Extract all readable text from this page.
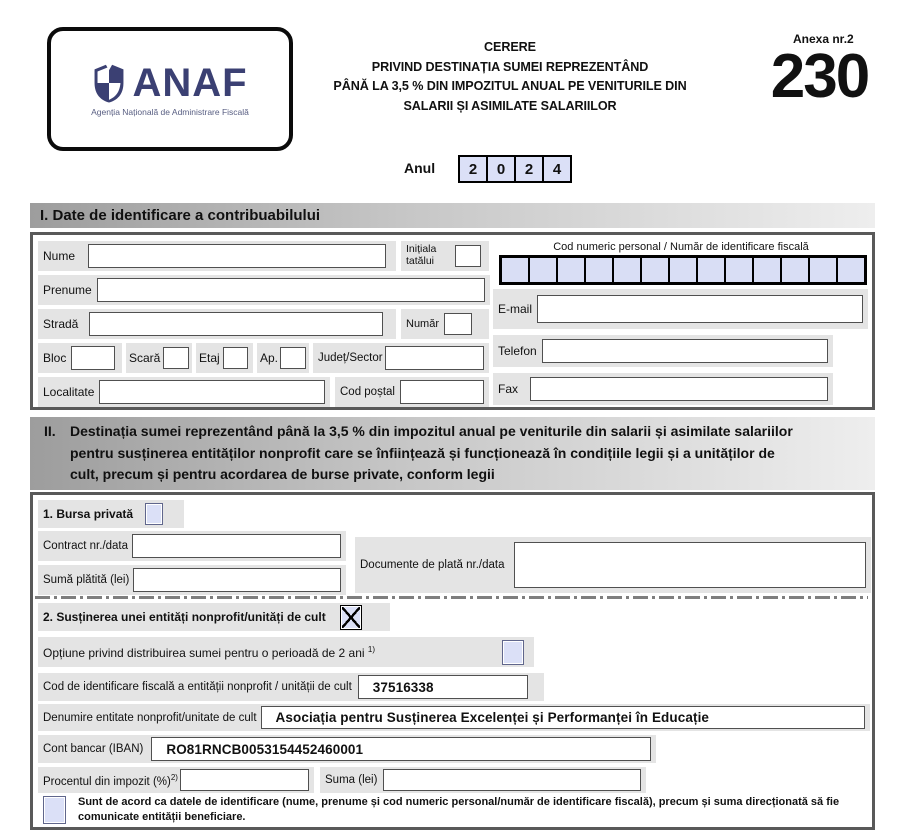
ANAF
Agenția Națională de Administrare Fiscală
CERERE
PRIVIND DESTINAȚIA SUMEI REPREZENTÂND
PÂNĂ LA 3,5 % DIN IMPOZITUL ANUAL PE VENITURILE DIN
SALARII ȘI ASIMILATE SALARIILOR
Anexa nr.2
230
Anul	2	0	2	4
I. Date de identificare a contribuabilului
Nume	Inițiala tatălui
Prenume
Stradă	Număr
Bloc	Scară	Etaj	Ap.	Județ/Sector
Localitate	Cod poștal
Cod numeric personal / Număr de identificare fiscală
E-mail
Telefon
Fax
II. Destinația sumei reprezentând până la 3,5 % din impozitul anual pe veniturile din salarii și asimilate salariilor
pentru susținerea entităților nonprofit care se înființează și funcționează în condițiile legii și a unităților de
cult, precum și pentru acordarea de burse private, conform legii
1. Bursa privată
Contract nr./data
Sumă plătită (lei)
Documente de plată nr./data
2. Susținerea unei entități nonprofit/unități de cult
Opțiune privind distribuirea sumei pentru o perioadă de 2 ani $^{1)}$
Cod de identificare fiscală a entității nonprofit / unității de cult	37516338
Denumire entitate nonprofit/unitate de cult	Asociația pentru Susținerea Excelenței și Performanței în Educație
Cont bancar (IBAN)	RO81RNCB0053154452460001
Procentul din impozit (%)$^{2)}$	Suma (lei)
Sunt de acord ca datele de identificare (nume, prenume și cod numeric personal/număr de identificare fiscală), precum și suma direcționată să fie comunicate entității beneficiare.
